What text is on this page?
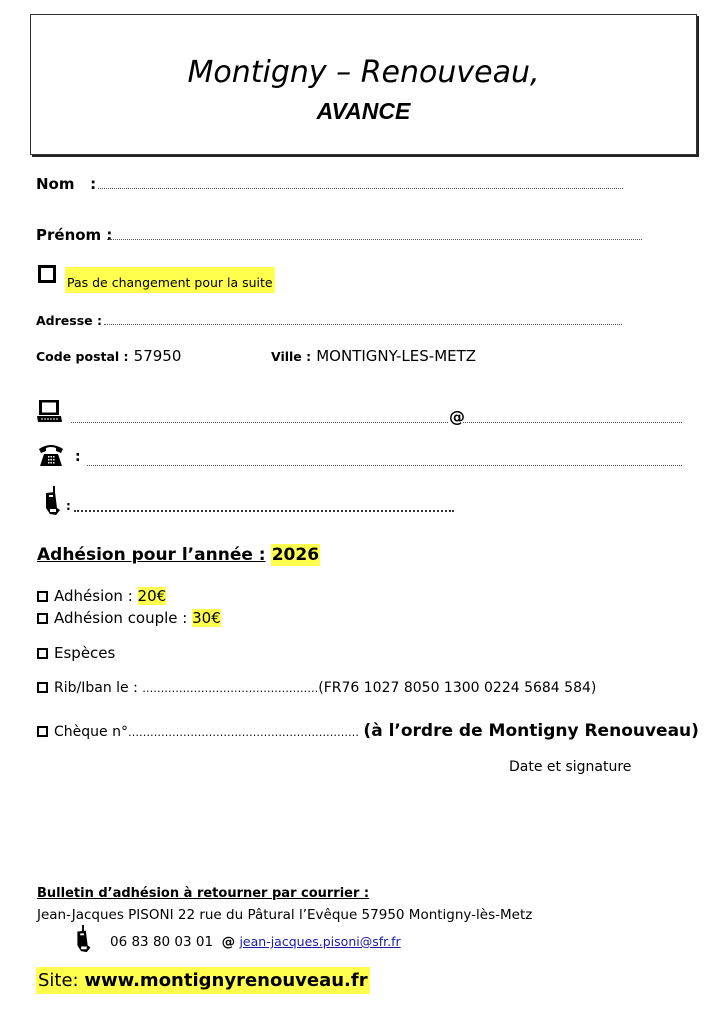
Montigny – Renouveau,
AVANCE
Nom :
Prénom :
Pas de changement pour la suite
Adresse :
Code postal : 57950	Ville : MONTIGNY-LES-METZ
@
:
:
Adhésion pour l’année : 2026
Adhésion : 20€
Adhésion couple : 30€
Espèces
Rib/Iban le : …………………………………………(FR76 1027 8050 1300 0224 5684 584)
Chèque n°……………………………………………………… (à l’ordre de Montigny Renouveau)
Date et signature
Bulletin d’adhésion à retourner par courrier :
Jean-Jacques PISONI 22 rue du Pâtural l’Evêque 57950 Montigny-lès-Metz
06 83 80 03 01 @ jean-jacques.pisoni@sfr.fr
Site: www.montignyrenouveau.fr
